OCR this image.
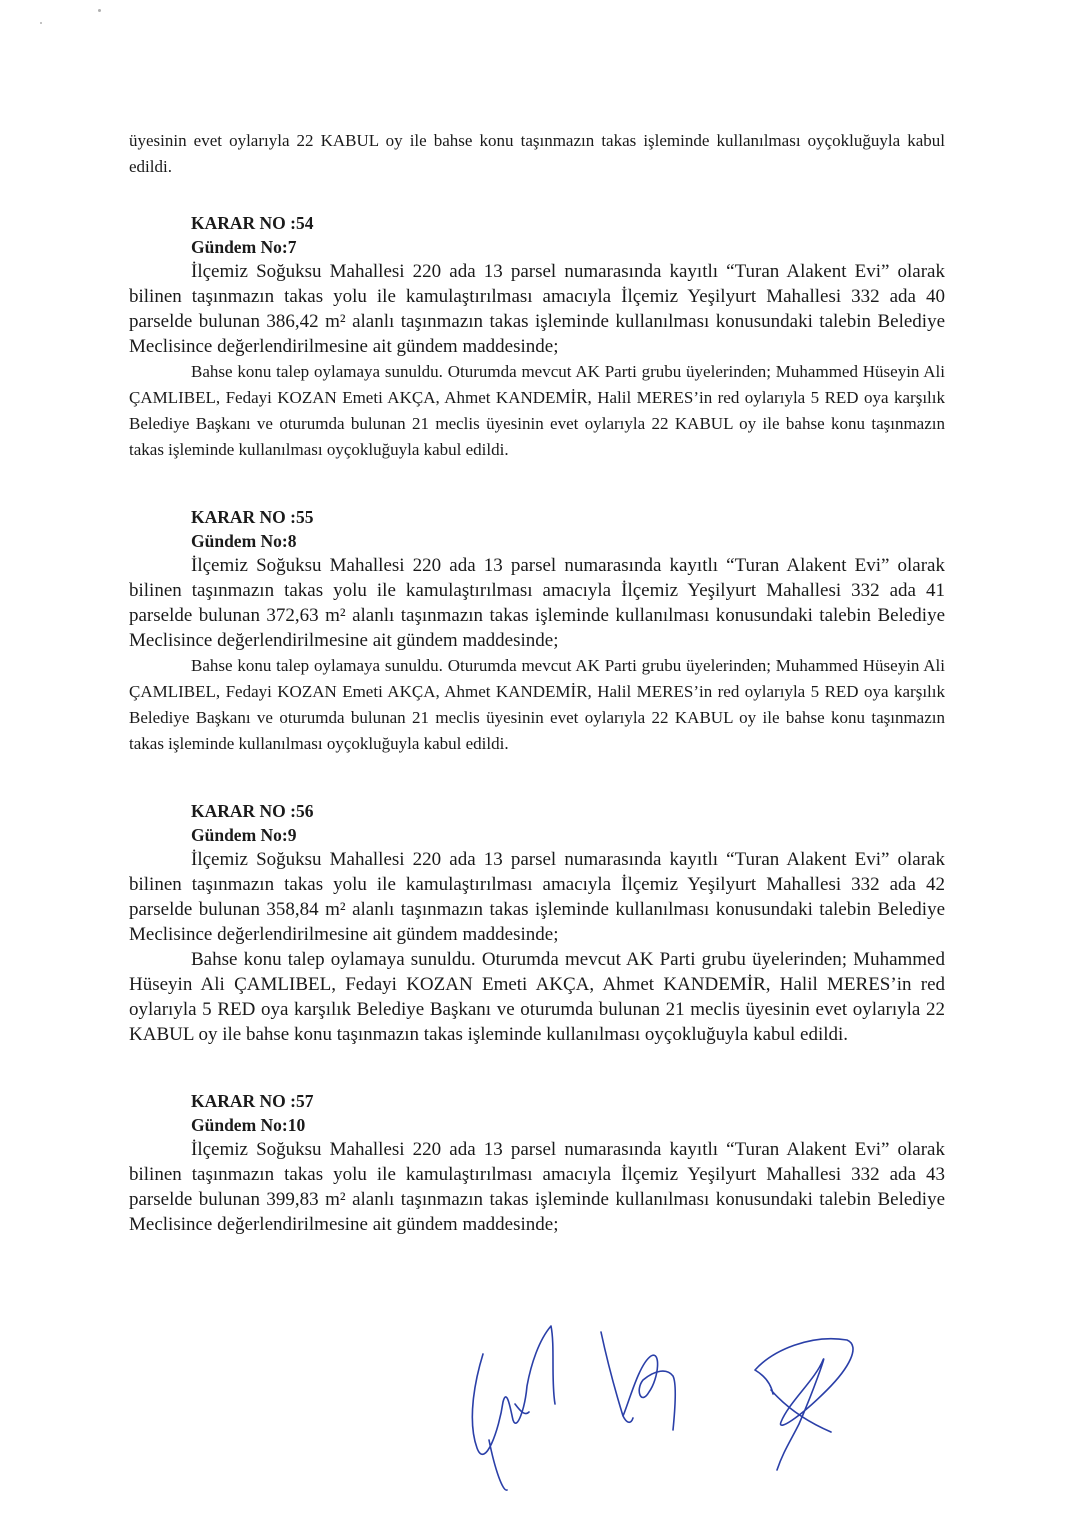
üyesinin evet oylarıyla 22 KABUL oy ile bahse konu taşınmazın takas işleminde kullanılması oyçokluğuyla kabul edildi.

KARAR NO :54
Gündem No:7

İlçemiz Soğuksu Mahallesi 220 ada 13 parsel numarasında kayıtlı “Turan Alakent Evi” olarak bilinen taşınmazın takas yolu ile kamulaştırılması amacıyla İlçemiz Yeşilyurt Mahallesi 332 ada 40 parselde bulunan 386,42 m² alanlı taşınmazın takas işleminde kullanılması konusundaki talebin Belediye Meclisince değerlendirilmesine ait gündem maddesinde;

Bahse konu talep oylamaya sunuldu. Oturumda mevcut AK Parti grubu üyelerinden; Muhammed Hüseyin Ali ÇAMLIBEL, Fedayi KOZAN Emeti AKÇA, Ahmet KANDEMİR, Halil MERES’in red oylarıyla 5 RED oya karşılık Belediye Başkanı ve oturumda bulunan 21 meclis üyesinin evet oylarıyla 22 KABUL oy ile bahse konu taşınmazın takas işleminde kullanılması oyçokluğuyla kabul edildi.

KARAR NO :55
Gündem No:8

İlçemiz Soğuksu Mahallesi 220 ada 13 parsel numarasında kayıtlı “Turan Alakent Evi” olarak bilinen taşınmazın takas yolu ile kamulaştırılması amacıyla İlçemiz Yeşilyurt Mahallesi 332 ada 41 parselde bulunan 372,63 m² alanlı taşınmazın takas işleminde kullanılması konusundaki talebin Belediye Meclisince değerlendirilmesine ait gündem maddesinde;

Bahse konu talep oylamaya sunuldu. Oturumda mevcut AK Parti grubu üyelerinden; Muhammed Hüseyin Ali ÇAMLIBEL, Fedayi KOZAN Emeti AKÇA, Ahmet KANDEMİR, Halil MERES’in red oylarıyla 5 RED oya karşılık Belediye Başkanı ve oturumda bulunan 21 meclis üyesinin evet oylarıyla 22 KABUL oy ile bahse konu taşınmazın takas işleminde kullanılması oyçokluğuyla kabul edildi.

KARAR NO :56
Gündem No:9

İlçemiz Soğuksu Mahallesi 220 ada 13 parsel numarasında kayıtlı “Turan Alakent Evi” olarak bilinen taşınmazın takas yolu ile kamulaştırılması amacıyla İlçemiz Yeşilyurt Mahallesi 332 ada 42 parselde bulunan 358,84 m² alanlı taşınmazın takas işleminde kullanılması konusundaki talebin Belediye Meclisince değerlendirilmesine ait gündem maddesinde;

Bahse konu talep oylamaya sunuldu. Oturumda mevcut AK Parti grubu üyelerinden; Muhammed Hüseyin Ali ÇAMLIBEL, Fedayi KOZAN Emeti AKÇA, Ahmet KANDEMİR, Halil MERES’in red oylarıyla 5 RED oya karşılık Belediye Başkanı ve oturumda bulunan 21 meclis üyesinin evet oylarıyla 22 KABUL oy ile bahse konu taşınmazın takas işleminde kullanılması oyçokluğuyla kabul edildi.

KARAR NO :57
Gündem No:10

İlçemiz Soğuksu Mahallesi 220 ada 13 parsel numarasında kayıtlı “Turan Alakent Evi” olarak bilinen taşınmazın takas yolu ile kamulaştırılması amacıyla İlçemiz Yeşilyurt Mahallesi 332 ada 43 parselde bulunan 399,83 m² alanlı taşınmazın takas işleminde kullanılması konusundaki talebin Belediye Meclisince değerlendirilmesine ait gündem maddesinde;
